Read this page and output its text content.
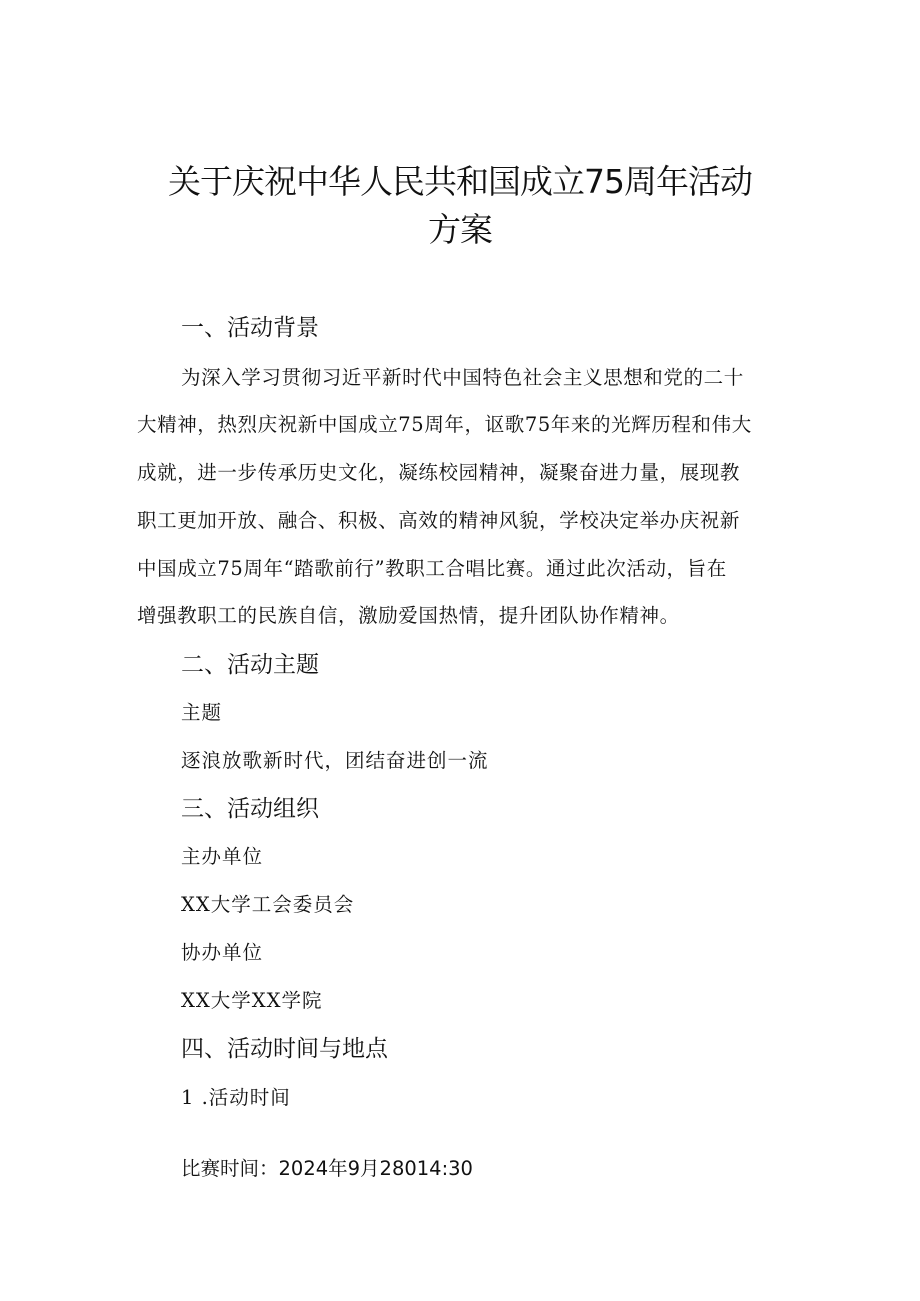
关于庆祝中华人民共和国成立75周年活动
方案
一、活动背景
为深入学习贯彻习近平新时代中国特色社会主义思想和党的二十
大精神，热烈庆祝新中国成立75周年，讴歌75年来的光辉历程和伟大
成就，进一步传承历史文化，凝练校园精神，凝聚奋进力量，展现教
职工更加开放、融合、积极、高效的精神风貌，学校决定举办庆祝新
中国成立75周年“踏歌前行”教职工合唱比赛。通过此次活动，旨在
增强教职工的民族自信，激励爱国热情，提升团队协作精神。
二、活动主题
主题
逐浪放歌新时代，团结奋进创一流
三、活动组织
主办单位
XX大学工会委员会
协办单位
XX大学XX学院
四、活动时间与地点
1 .活动时间
比赛时间：2024年9月28014:30
